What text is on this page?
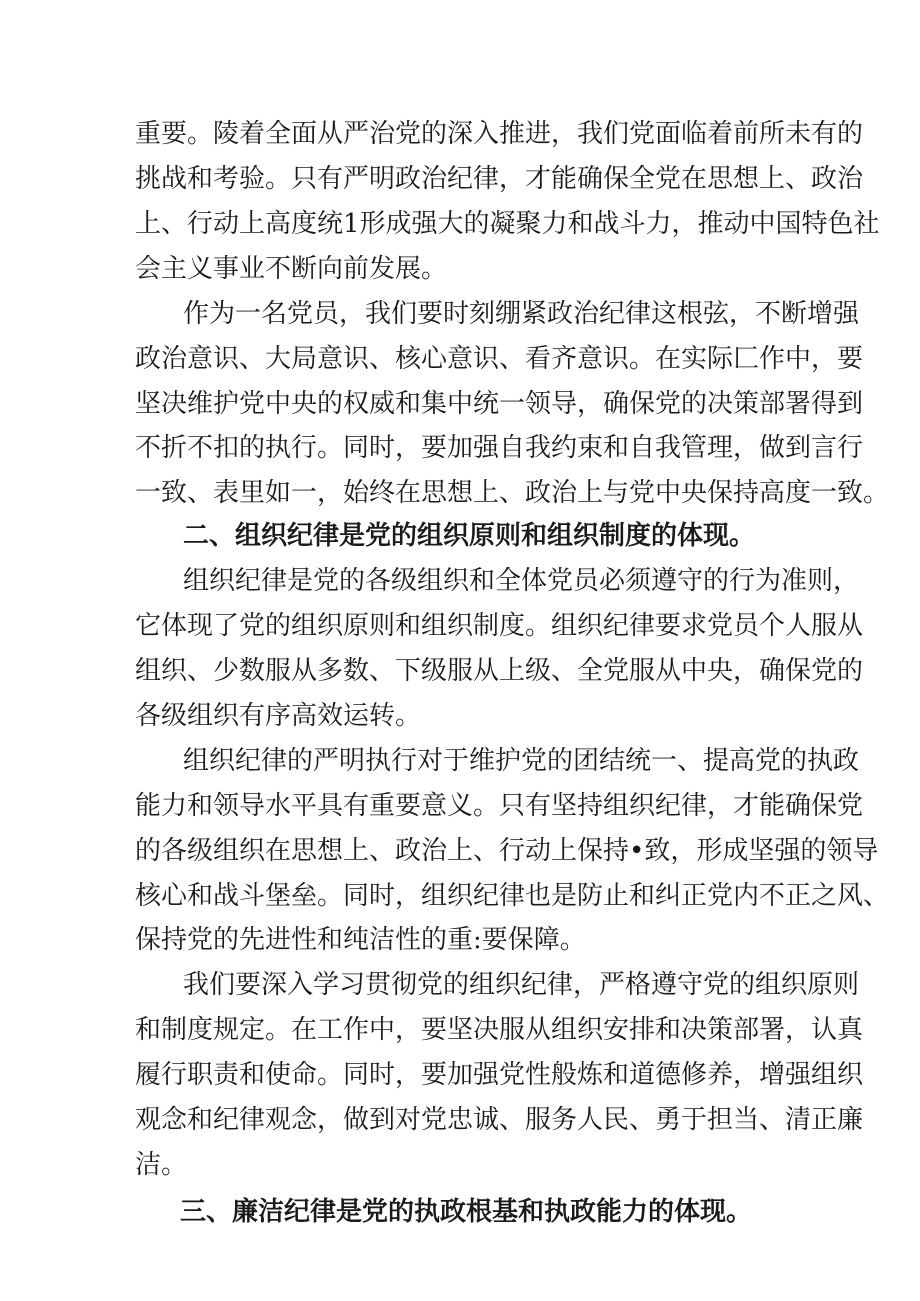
重要。陵着全面从严治党的深入推进，我们党面临着前所未有的
挑战和考验。只有严明政治纪律，才能确保全党在思想上、政治
上、行动上高度统1形成强大的凝聚力和战斗力，推动中国特色社
会主义事业不断向前发展。
作为一名党员，我们要时刻绷紧政治纪律这根弦，不断增强
政治意识、大局意识、核心意识、看齐意识。在实际匚作中，要
坚决维护党中央的权威和集中统一领导，确保党的决策部署得到
不折不扣的执行。同时，要加强自我约束和自我管理，做到言行
一致、表里如一，始终在思想上、政治上与党中央保持高度一致。
二、组织纪律是党的组织原则和组织制度的体现。
组织纪律是党的各级组织和全体党员必须遵守的行为准则，
它体现了党的组织原则和组织制度。组织纪律要求党员个人服从
组织、少数服从多数、下级服从上级、全党服从中央，确保党的
各级组织有序高效运转。
组织纪律的严明执行对于维护党的团结统一、提高党的执政
能力和领导水平具有重要意义。只有坚持组织纪律，才能确保党
的各级组织在思想上、政治上、行动上保持•致，形成坚强的领导
核心和战斗堡垒。同时，组织纪律也是防止和纠正党内不正之风、
保持党的先进性和纯洁性的重:要保障。
我们要深入学习贯彻党的组织纪律，严格遵守党的组织原则
和制度规定。在工作中，要坚决服从组织安排和决策部署，认真
履行职责和使命。同时，要加强党性般炼和道德修养，增强组织
观念和纪律观念，做到对党忠诚、服务人民、勇于担当、清正廉
洁。
三、廉洁纪律是党的执政根基和执政能力的体现。
